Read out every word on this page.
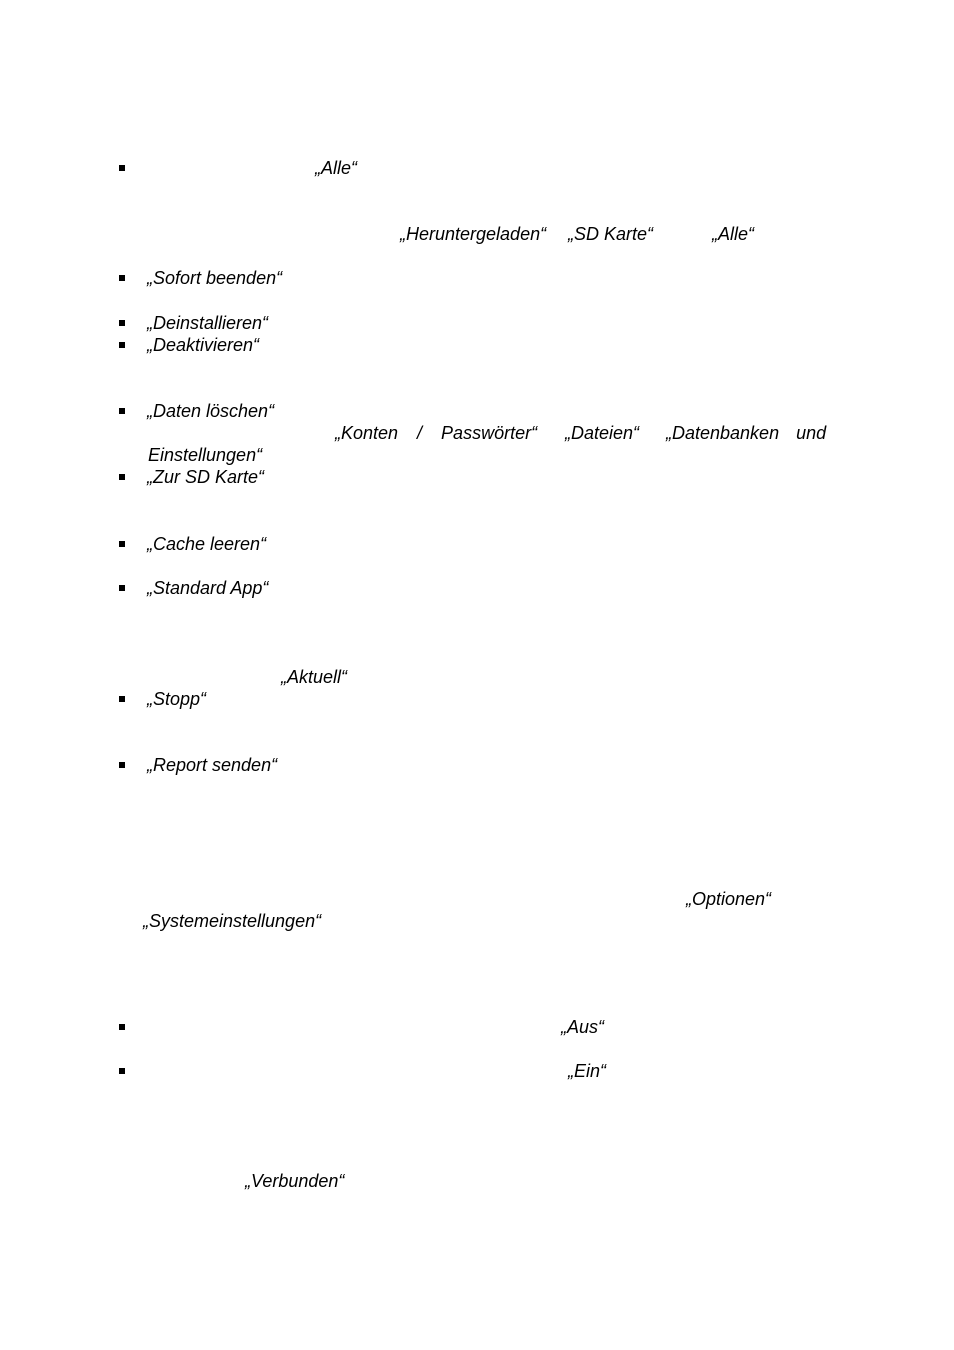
„Alle“
„Heruntergeladen“ „SD Karte“	„Alle“
„Sofort beenden“
„Deinstallieren“
„Deaktivieren“
„Daten löschen“
„Konten / Passwörter“ „Dateien“ „Datenbanken und
Einstellungen“
„Zur SD Karte“
„Cache leeren“
„Standard App“
„Aktuell“
„Stopp“
„Report senden“
„Optionen“
„Systemeinstellungen“
„Aus“
„Ein“
„Verbunden“
